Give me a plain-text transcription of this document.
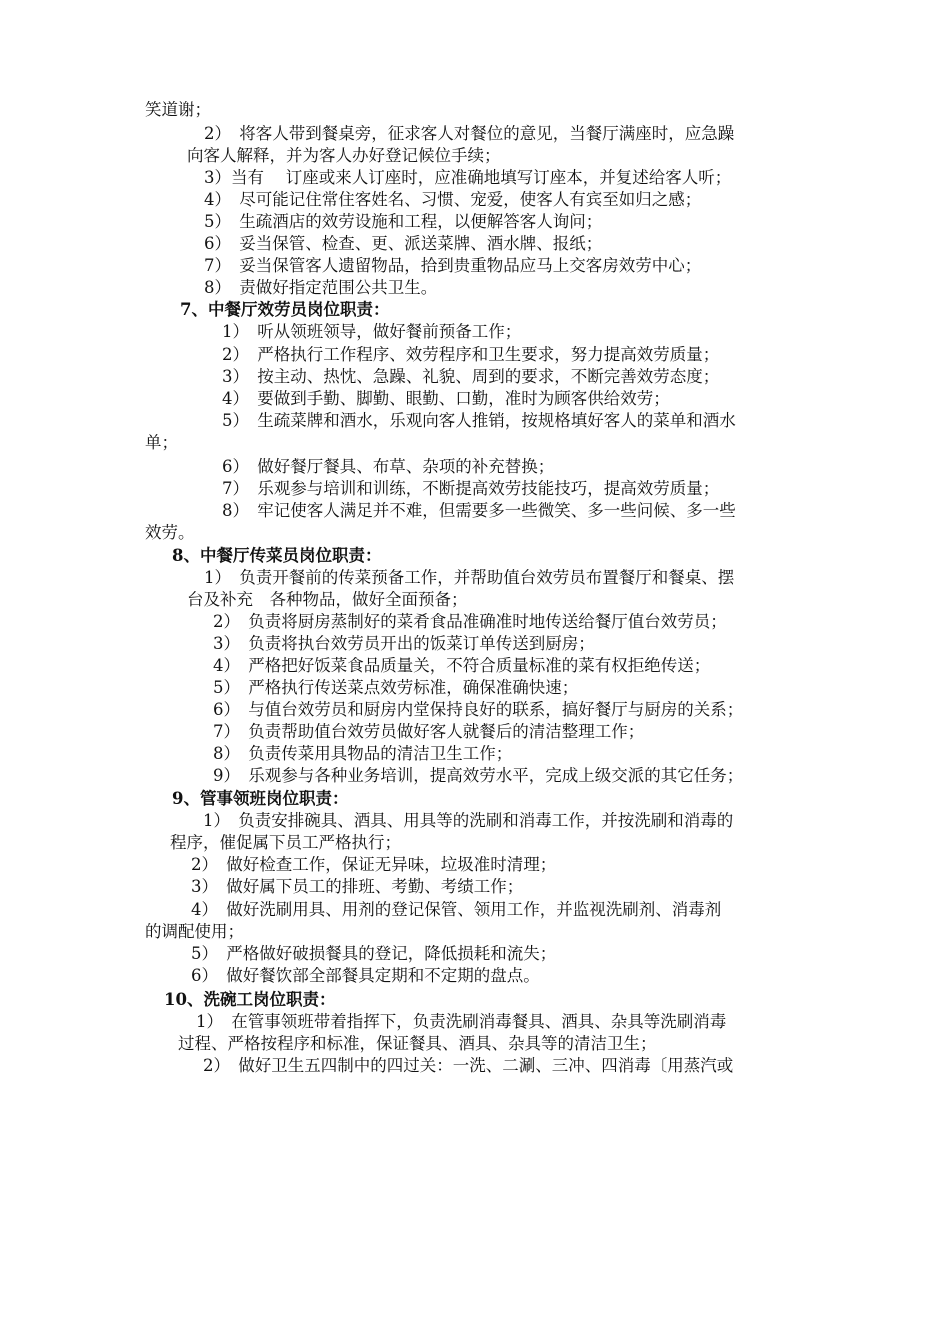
笑道谢；
2）　将客人带到餐桌旁，征求客人对餐位的意见，当餐厅满座时，应急躁
向客人解释，并为客人办好登记候位手续；
3）当有　 订座或来人订座时，应准确地填写订座本，并复述给客人听；
4）　尽可能记住常住客姓名、习惯、宠爱，使客人有宾至如归之感；
5）　生疏酒店的效劳设施和工程，以便解答客人询问；
6）　妥当保管、检查、更、派送菜牌、酒水牌、报纸；
7）　妥当保管客人遗留物品，拾到贵重物品应马上交客房效劳中心；
8）　责做好指定范围公共卫生。
7、中餐厅效劳员岗位职责：
1）　听从领班领导，做好餐前预备工作；
2）　严格执行工作程序、效劳程序和卫生要求，努力提高效劳质量；
3）　按主动、热忱、急躁、礼貌、周到的要求，不断完善效劳态度；
4）　要做到手勤、脚勤、眼勤、口勤，准时为顾客供给效劳；
5）　生疏菜牌和酒水，乐观向客人推销，按规格填好客人的菜单和酒水
单；
6）　做好餐厅餐具、布草、杂项的补充替换；
7）　乐观参与培训和训练，不断提高效劳技能技巧，提高效劳质量；
8）　牢记使客人满足并不难，但需要多一些微笑、多一些问候、多一些
效劳。
8、中餐厅传菜员岗位职责：
1）　负责开餐前的传菜预备工作，并帮助值台效劳员布置餐厅和餐桌、摆
台及补充　各种物品，做好全面预备；
2）　负责将厨房蒸制好的菜肴食品准确准时地传送给餐厅值台效劳员；
3）　负责将执台效劳员开出的饭菜订单传送到厨房；
4）　严格把好饭菜食品质量关，不符合质量标准的菜有权拒绝传送；
5）　严格执行传送菜点效劳标准，确保准确快速；
6）　与值台效劳员和厨房内堂保持良好的联系，搞好餐厅与厨房的关系；
7）　负责帮助值台效劳员做好客人就餐后的清洁整理工作；
8）　负责传菜用具物品的清洁卫生工作；
9）　乐观参与各种业务培训，提高效劳水平，完成上级交派的其它任务；
9、管事领班岗位职责：
1）　负责安排碗具、酒具、用具等的洗刷和消毒工作，并按洗刷和消毒的
程序，催促属下员工严格执行；
2）　做好检查工作，保证无异味，垃圾准时清理；
3）　做好属下员工的排班、考勤、考绩工作；
4）　做好洗刷用具、用剂的登记保管、领用工作，并监视洗刷剂、消毒剂
的调配使用；
5）　严格做好破损餐具的登记，降低损耗和流失；
6）　做好餐饮部全部餐具定期和不定期的盘点。
10、洗碗工岗位职责：
1）　在管事领班带着指挥下，负责洗刷消毒餐具、酒具、杂具等洗刷消毒
过程、严格按程序和标准，保证餐具、酒具、杂具等的清洁卫生；
2）　做好卫生五四制中的四过关：一洗、二涮、三冲、四消毒〔用蒸汽或
